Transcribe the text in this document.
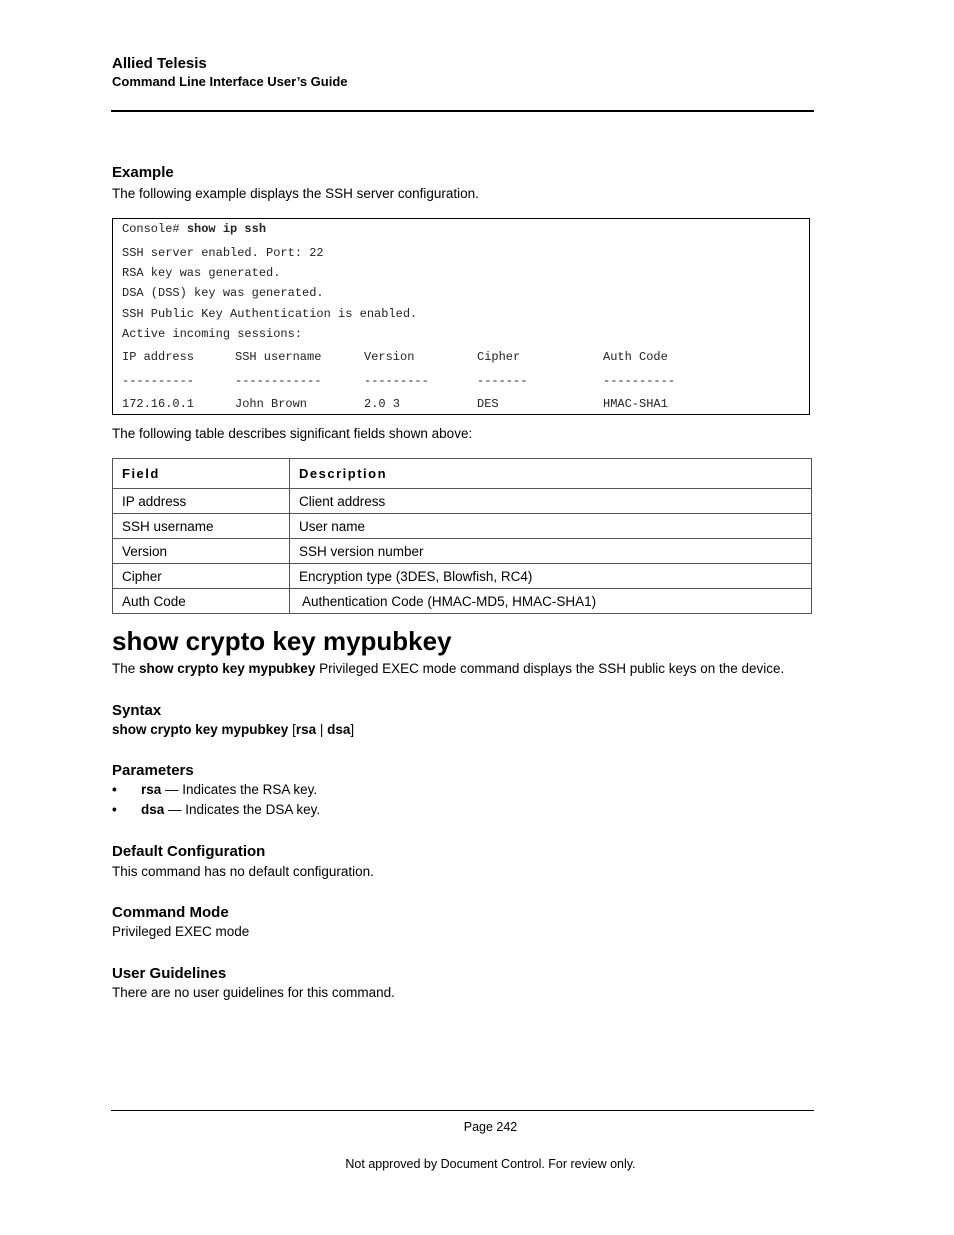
Allied Telesis
Command Line Interface User’s Guide
Example
The following example displays the SSH server configuration.
Console# show ip ssh
SSH server enabled. Port: 22
RSA key was generated.
DSA (DSS) key was generated.
SSH Public Key Authentication is enabled.
Active incoming sessions:
IP address	SSH username	Version	Cipher	Auth Code
----------	------------	---------	-------	----------
172.16.0.1	John Brown	2.0 3	DES	HMAC-SHA1
The following table describes significant fields shown above:
Field	Description
IP address	Client address
SSH username	User name
Version	SSH version number
Cipher	Encryption type (3DES, Blowfish, RC4)
Auth Code	Authentication Code (HMAC-MD5, HMAC-SHA1)
show crypto key mypubkey
The show crypto key mypubkey Privileged EXEC mode command displays the SSH public keys on the device.
Syntax
show crypto key mypubkey [rsa | dsa]
Parameters
• rsa — Indicates the RSA key.
• dsa — Indicates the DSA key.
Default Configuration
This command has no default configuration.
Command Mode
Privileged EXEC mode
User Guidelines
There are no user guidelines for this command.
Page 242
Not approved by Document Control. For review only.
